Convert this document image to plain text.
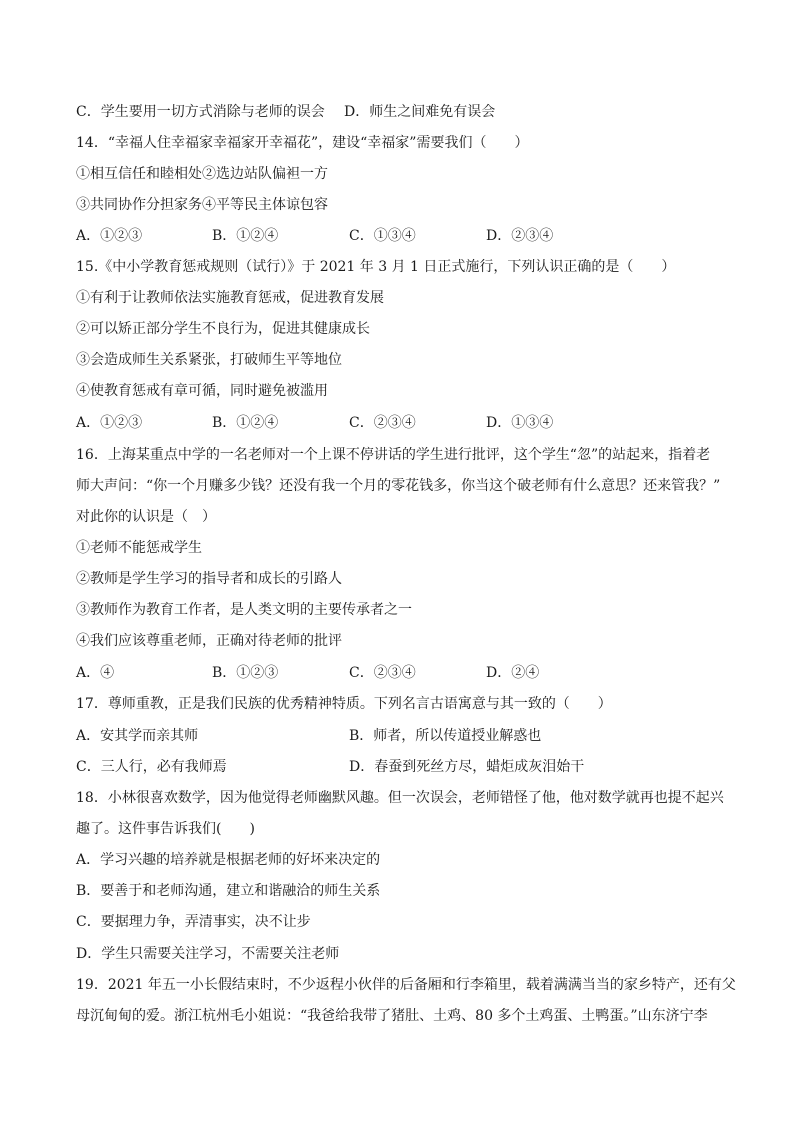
C．学生要用一切方式消除与老师的误会 D．师生之间难免有误会
14．“幸福人住幸福家幸福家开幸福花”，建设“幸福家”需要我们（　　）
①相互信任和睦相处②选边站队偏袒一方
③共同协作分担家务④平等民主体谅包容
A．①②③	B．①②④	C．①③④	D．②③④
15.《中小学教育惩戒规则（试行）》于 2021 年 3 月 1 日正式施行，下列认识正确的是（　　）
①有利于让教师依法实施教育惩戒，促进教育发展
②可以矫正部分学生不良行为，促进其健康成长
③会造成师生关系紧张，打破师生平等地位
④使教育惩戒有章可循，同时避免被滥用
A．①②③	B．①②④	C．②③④	D．①③④
16．上海某重点中学的一名老师对一个上课不停讲话的学生进行批评，这个学生“忽”的站起来，指着老
师大声问：“你一个月赚多少钱？还没有我一个月的零花钱多，你当这个破老师有什么意思？还来管我？”
对此你的认识是（　）
①老师不能惩戒学生
②教师是学生学习的指导者和成长的引路人
③教师作为教育工作者，是人类文明的主要传承者之一
④我们应该尊重老师，正确对待老师的批评
A．④	B．①②③	C．②③④	D．②④
17．尊师重教，正是我们民族的优秀精神特质。下列名言古语寓意与其一致的（　　）
A．安其学而亲其师	B．师者，所以传道授业解惑也
C．三人行，必有我师焉	D．春蚕到死丝方尽，蜡炬成灰泪始干
18．小林很喜欢数学，因为他觉得老师幽默风趣。但一次误会，老师错怪了他，他对数学就再也提不起兴
趣了。这件事告诉我们(　　)
A．学习兴趣的培养就是根据老师的好坏来决定的
B．要善于和老师沟通，建立和谐融洽的师生关系
C．要据理力争，弄清事实，决不让步
D．学生只需要关注学习，不需要关注老师
19．2021 年五一小长假结束时，不少返程小伙伴的后备厢和行李箱里，载着满满当当的家乡特产，还有父
母沉甸甸的爱。浙江杭州毛小姐说：“我爸给我带了猪肚、土鸡、80 多个土鸡蛋、土鸭蛋。”山东济宁李
